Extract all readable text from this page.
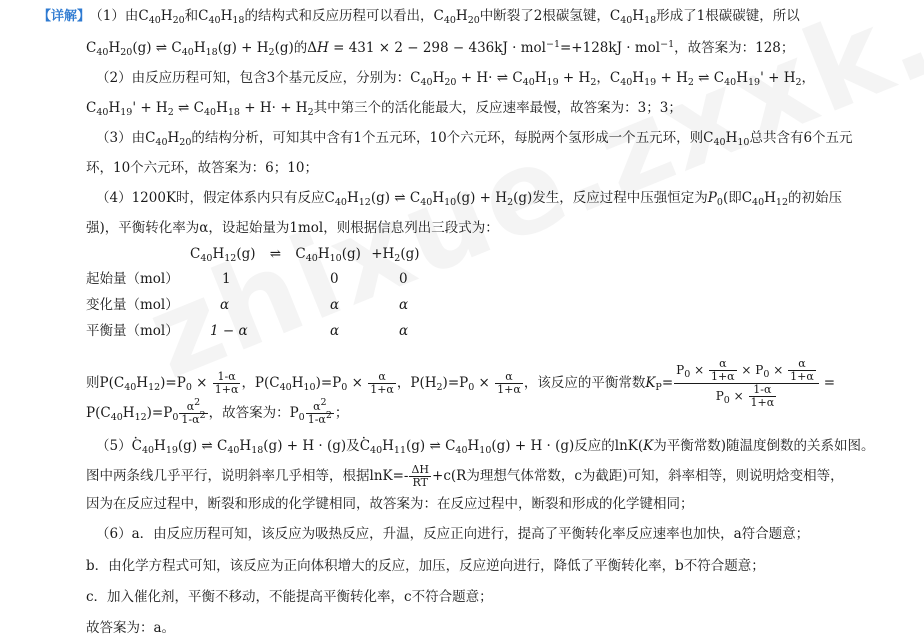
【详解】 （1）由$C_{40}H_{20}$和$C_{40}H_{18}$的结构式和反应历程可以看出，$C_{40}H_{20}$中断裂了2根碳氢键，$C_{40}H_{18}$形成了1根碳碳键，所以
$C_{40}H_{20}(g)$ ⇌ $C_{40}H_{18}(g) + H_2(g)$的ΔH = 431 × 2 − 298 − 436kJ · mol$^{-1}$=+128kJ · mol$^{-1}$，故答案为：128；
（2）由反应历程可知，包含3个基元反应，分别为：$C_{40}H_{20} + H\cdot$ ⇌ $C_{40}H_{19} + H_2$，$C_{40}H_{19} + H_2$ ⇌ $C_{40}H_{19}' + H_2$，
$C_{40}H_{19}' + H_2$ ⇌ $C_{40}H_{18} + H\cdot + H_2$其中第三个的活化能最大，反应速率最慢，故答案为：3；3；
（3）由$C_{40}H_{20}$的结构分析，可知其中含有1个五元环，10个六元环，每脱两个氢形成一个五元环，则$C_{40}H_{10}$总共含有6个五元
环，10个六元环，故答案为：6；10；
（4）1200K时，假定体系内只有反应$C_{40}H_{12}(g)$ ⇌ $C_{40}H_{10}(g) + H_2(g)$发生，反应过程中压强恒定为$P_0$(即$C_{40}H_{12}$的初始压
强)，平衡转化率为α，设起始量为1mol，则根据信息列出三段式为：
$C_{40}H_{12}(g)$ ⇌ $C_{40}H_{10}(g) +H_2(g)$
起始量（mol）	1	0	0
变化量（mol）	α	α	α
平衡量（mol） 1 − α	α	α
则$P(C_{40}H_{12})=P_0 \times \frac{1-\alpha}{1+\alpha}$ ，$P(C_{40}H_{10})=P_0 \times \frac{\alpha}{1+\alpha}$ ，$P(H_2)=P_0 \times \frac{\alpha}{1+\alpha}$ ，该反应的平衡常数$K_P= \frac{P_0 \times \frac{\alpha}{1+\alpha} \times P_0 \times \frac{\alpha}{1+\alpha}}{P_0 \times \frac{1-\alpha}{1+\alpha}}$ =
$P(C_{40}H_{12})=P_0 \frac{\alpha^2}{1-\alpha^2}$ ，故答案为：$P_0 \frac{\alpha^2}{1-\alpha^2}$ ；
$(5)\cdot C_{40}H_{19}(g)$ ⇌ $C_{40}H_{18}(g) + H \cdot (g)$及· $C_{40}H_{11}(g)$ ⇌ $C_{40}H_{10}(g) + H \cdot (g)$反应的lnK(K为平衡常数)随温度倒数的关系如图。
图中两条线几乎平行，说明斜率几乎相等，根据$\ln K=- \frac{\Delta H}{RT} +c(R$为理想气体常数，c为截距)可知，斜率相等，则说明焓变相等，
因为在反应过程中，断裂和形成的化学键相同，故答案为：在反应过程中，断裂和形成的化学键相同；
（6）a．由反应历程可知，该反应为吸热反应，升温，反应正向进行，提高了平衡转化率反应速率也加快，a符合题意；
b．由化学方程式可知，该反应为正向体积增大的反应，加压，反应逆向进行，降低了平衡转化率，b不符合题意；
c．加入催化剂，平衡不移动，不能提高平衡转化率，c不符合题意；
故答案为：a。
